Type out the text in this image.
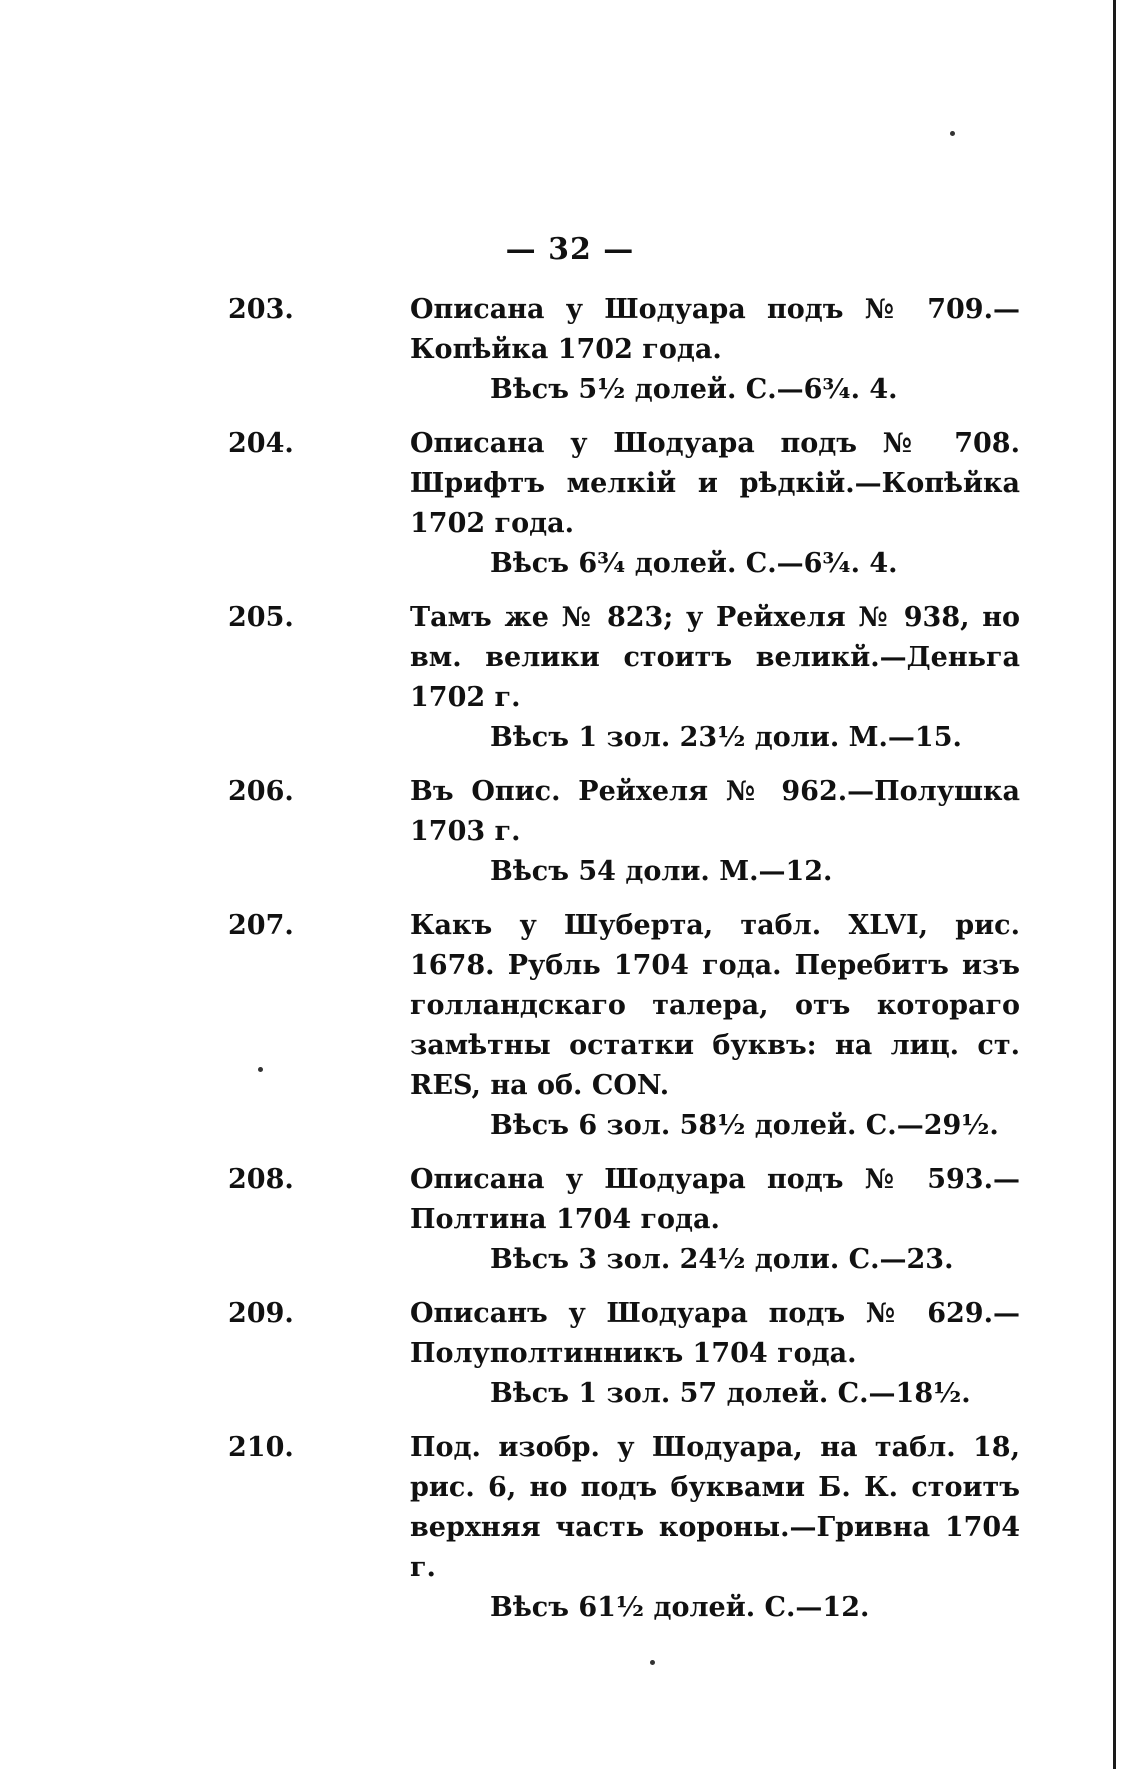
— 32 —
203.	Описана у Шодуара подъ № 709.—Копѣйка 1702 года.

Вѣсъ 5½ долей. С.—6¾. 4.

204.	Описана у Шодуара подъ № 708. Шрифтъ мелкій и рѣдкій.—Копѣйка 1702 года.

Вѣсъ 6¾ долей. С.—6¾. 4.

205.	Тамъ же № 823; у Рейхеля № 938, но вм. велики стоитъ великй.—Деньга 1702 г.

Вѣсъ 1 зол. 23½ доли. М.—15.

206.	Въ Опис. Рейхеля № 962.—Полушка 1703 г.

Вѣсъ 54 доли. М.—12.

207.	Какъ у Шуберта, табл. XLVI, рис. 1678. Рубль 1704 года. Перебитъ изъ голландскаго талера, отъ котораго замѣтны остатки буквъ: на лиц. ст. RES, на об. CON.

Вѣсъ 6 зол. 58½ долей. С.—29½.

208.	Описана у Шодуара подъ № 593.—Полтина 1704 года.

Вѣсъ 3 зол. 24½ доли. С.—23.

209.	Описанъ у Шодуара подъ № 629.—Полуполтинникъ 1704 года.

Вѣсъ 1 зол. 57 долей. С.—18½.

210.	Под. изобр. у Шодуара, на табл. 18, рис. 6, но подъ буквами Б. К. стоитъ верхняя часть короны.—Гривна 1704 г.

Вѣсъ 61½ долей. С.—12.
